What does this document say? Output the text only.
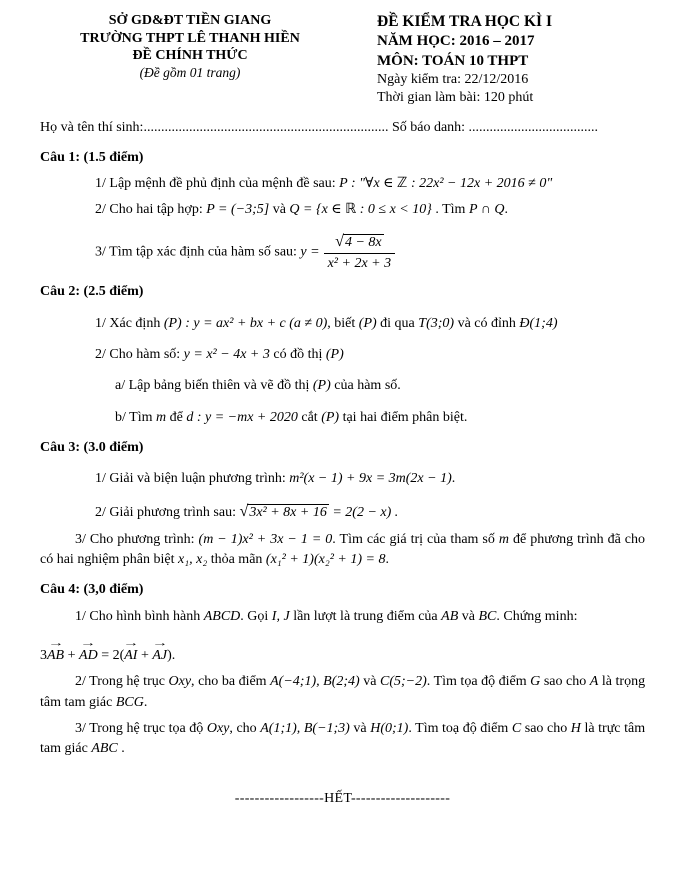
SỞ GD&ĐT TIỀN GIANG
TRƯỜNG THPT LÊ THANH HIỀN
ĐỀ CHÍNH THỨC
(Đề gồm 01 trang)
ĐỀ KIỂM TRA HỌC KÌ I
NĂM HỌC: 2016 – 2017
MÔN: TOÁN 10 THPT
Ngày kiểm tra: 22/12/2016
Thời gian làm bài: 120 phút
Họ và tên thí sinh:...................................................................... Số báo danh: .....................................

Câu 1: (1.5 điểm)

1/ Lập mệnh đề phủ định của mệnh đề sau: P : "∀x ∈ ℤ : 22x² − 12x + 2016 ≠ 0"

2/ Cho hai tập hợp: P = (−3;5] và Q = {x ∈ ℝ : 0 ≤ x < 10} . Tìm P ∩ Q.

3/ Tìm tập xác định của hàm số sau: $y = \frac{√4 - 8x}{\text{x² + 2x + 3}}$

Câu 2: (2.5 điểm)

1/ Xác định (P) : y = ax² + bx + c (a ≠ 0), biết (P) đi qua T(3;0) và có đỉnh Đ(1;4)

2/ Cho hàm số: y = x² − 4x + 3 có đồ thị (P)

a/ Lập bảng biến thiên và vẽ đồ thị (P) của hàm số.

b/ Tìm m để d : y = −mx + 2020 cắt (P) tại hai điểm phân biệt.

Câu 3: (3.0 điểm)

1/ Giải và biện luận phương trình: m²(x − 1) + 9x = 3m(2x − 1).

2/ Giải phương trình sau: √3x² + 8x + 16 = 2(2 − x) .

3/ Cho phương trình: (m − 1)x² + 3x − 1 = 0. Tìm các giá trị của tham số m để phương trình đã cho có hai nghiệm phân biệt x₁, x₂ thỏa mãn (x₁² + 1)(x₂² + 1) = 8.

Câu 4: (3,0 điểm)

1/ Cho hình bình hành ABCD. Gọi I, J lần lượt là trung điểm của AB và BC. Chứng minh:

3
→
AB +
→
AD = 2(
→
AI +
→
AJ).

2/ Trong hệ trục Oxy, cho ba điểm A(−4;1), B(2;4) và C(5;−2). Tìm tọa độ điểm G sao cho A là trọng tâm tam giác BCG.

3/ Trong hệ trục tọa độ Oxy, cho A(1;1), B(−1;3) và H(0;1). Tìm toạ độ điểm C sao cho H là trực tâm tam giác ABC .

------------------HẾT--------------------
